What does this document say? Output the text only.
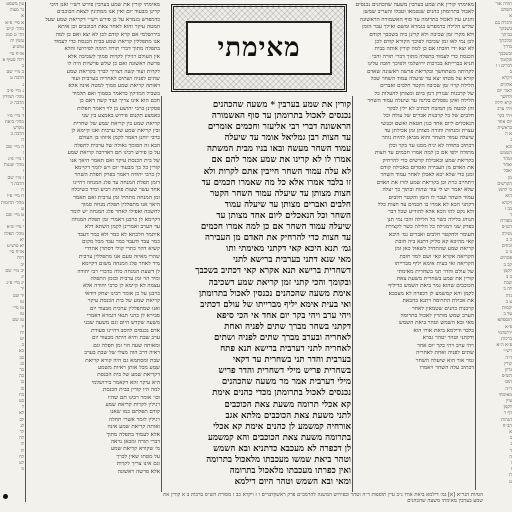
עין משפט
נר מצוה
א
א מיי׳ פ״א
מהל׳ ק״ש
הל׳ ט סמג
עשין יח
טוש״ע
או״ח סי׳
רלה סעיף א
ב
ב מיי׳ שם
הלכה ט
ג
ג מיי׳ פ״ב
מהל׳ תמידין
הלכה יג
ד
ד מיי׳ פ״ו
מהל׳ ביאת
מקדש
הלכה ב
ה
ה מיי׳ שם
ו
ו מיי׳ פ״ג
מהל׳ שגגות
ז
ז מיי׳ שם
הלכה ד
ח
ח מיי׳ פ״ז
מהל׳ תרומות
ט
ט מיי׳ שם
י
י מיי׳ פ״א
מהל׳ תפלה
יא
יא טוש״ע
או״ח סי׳
רלה
יב
יב מיי׳ שם
יג
יג מיי׳ פ״ג
יד
יד שם
טו
טו מיי׳
טז
טז שם
יז
יח
יט
כ
כא
כב
כג
כד
כה
כו
כז
כח
כט
ל
לא
לב
לג
לד
לה
לו
לז
לח
לט
מ
מאימתי קורין את שמע בערבין פירש רש״י ואנן היכי
קרינן מבעוד יום ואין אנו ממתינין לצאת הכוכבים
כדמפרש בגמרא על כן פירש רש״י דקריאת שמע שעל
המטה עיקר והוא לאחר צאת הכוכבים וכן איתא
בירושלמי אם קרא קודם לכן לא יצא ואם כן למה
אנו מתפללין קריאת שמע בבית הכנסת כדי לעמוד
בתפלה מתוך דברי תורה תימה לפירושו והלא
אין העולם רגילין לקרות סמוך לשכיבה אלא
פרשה ראשונה ואם כן שלש פרשיות היה לו
לקרות ועוד קשה דצריך לברך בקריאת שמע
שתים לפניה ושתים לאחריה בערבית ועוד
דאותה קריאת שמע סמוך למטה אינה אלא
בשביל המזיקין כדאמר בסמוך ואם תלמיד
חכם הוא אינו צריך ועוד קשה דאם כן
פסקינן כרבי יהושע בן לוי דאמר תפלות
באמצע תקנום פירוש באמצע בין שני
קריאת שמע בין קריאת שמע של שחרית
ובין קריאת שמע של ערבית ואנו קיימא לן
כרבי יוחנן דאמר לקמן איזהו בן העולם
הבא זה הסומך גאולה של ערבית לתפלה
על כן פירש רבינו תם דאדרבה קריאת שמע
של בית הכנסת עיקר ואם תאמר היאך אנו
קורין כל כך מבעוד יום ויש לומר דקיימא
לן כרבי יהודה דאמר בפרק תפלת השחר
דזמן תפלת המנחה עד פלג המנחה דהיינו
אחד עשר שעות פחות רביע ומיד כשיכלה
זמן המנחה מתחיל זמן ערבית ואם תאמר
היאך אנו מתפללין תפלת מנחה סמוך
לחשכה ואפילו לאחר פלג המנחה יש לומר
דקיימא לן כרבנן דאמרי זמן תפלת המנחה
עד הערב ואמרינן לקמן השתא דלא
איתמר הלכתא לא כמר ולא כמר דעבד
כמר עבד ודעבד כמר עבד מכל מקום
קשיא דהוי כתרי קולי דסתרן אהדדי
שהרי מאיזה טעם אנו מתפללין ערבית
מיד לאחר פלג המנחה משום דקיימא
לן דשעת המנחה כלה כדברי רבי יהודה
ומיד הוי זמן ערבית ובזמן התפלה
עצמה לא קיימא לן כרבי יהודה אלא
כרבנן על כן אומר רבינו יצחק דודאי
קריאת שמע של בית הכנסת עיקר
ואנו שמתפללין ערבית מבעוד יום
סבירא לן כהני תנאי דגמרא דאמרי
משעה שקדש היום וגם משעה שבני
אדם נכנסים להסב דהיינו סעודת
ערב שבת והיא היתה מבעוד יום
ומאותה שעה הוי זמן תפלה וגם
ראיה דרב הוה מצלי של שבת בערב
שבת ומסתמא גם היה קורא קריאת
שמע מכל אותן ראיות משמע
דקריאת שמע של בית הכנסת
היא עיקר והא דקאמר בירושלמי
למה היו קורין בבית הכנסת
וכו׳ אומר רבינו תם שהיו
רגילין לקרות קריאת שמע
קודם תפלתם כמו שאנו
רגילין לומר אשרי תחלה
ואותה קריאת שמע אינה
אלא לעמוד בתפלה מתוך
דברי תורה ומכאן נראה
מי שקורא קריאת שמע
על מטתו שאין לברך
וגם אינו צריך לקרות
אלא פרשה ראשונה
מאימתי
קורין את שמע בערבין * משעה שהכהנים
נכנסים לאכול בתרומתן עד סוף האשמורה
הראשונה דברי רבי אליעזר וחכמים אומרים
עד חצות רבן גמליאל אומר עד שיעלה
עמוד השחר מעשה ובאו בניו מבית המשתה
אמרו לו לא קרינו את שמע אמר להם אם
לא עלה עמוד השחר חייבין אתם לקרות ולא
זו בלבד אמרו אלא כל מה שאמרו חכמים עד
חצות מצותן עד שיעלה עמוד השחר הקטר
חלבים ואברים מצותן עד שיעלה עמוד
השחר וכל הנאכלים ליום אחד מצותן עד
שיעלה עמוד השחר אם כן למה אמרו חכמים
עד חצות כדי להרחיק את האדם מן העבירה
גמ׳ תנא היכא קאי דקתני מאימתי ותו
מאי שנא דתני בערבית ברישא לתני
דשחרית ברישא תנא אקרא קאי דכתיב בשכבך
ובקומך והכי קתני זמן קריאת שמע דשכיבה
אימת משעה שהכהנים נכנסין לאכול בתרומתן
ואי בעית אימא יליף מברייתו של עולם דכתיב
ויהי ערב ויהי בקר יום אחד אי הכי סיפא
דקתני בשחר מברך שתים לפניה ואחת
לאחריה ובערב מברך שתים לפניה ושתים
לאחריה לתני דערבית ברישא תנא פתח
בערבית והדר תני בשחרית עד דקאי
בשחרית פריש מילי דשחרית והדר פריש
מילי דערבית אמר מר משעה שהכהנים
נכנסים לאכול בתרומתן מכדי כהנים אימת
קא אכלי תרומה משעת צאת הכוכבים
לתני משעת צאת הכוכבים מלתא אגב
אורחיה קמשמע לן כהנים אימת קא אכלי
בתרומה משעת צאת הכוכבים והא קמשמע
לן דכפרה לא מעכבא כדתניא ובא השמש
וטהר ביאת שמשו מעכבתו מלאכול בתרומה
ואין כפרתו מעכבתו מלאכול בתרומה
ומאי ובא השמש וטהר היום דילמא
מאימתי קורין את שמע בערבין משעה שהכהנים נכנסים
לאכול בתרומתן כהנים שנטמאו וטבלו והעריב שמשן
והגיע עת לאכול בתרומה עד סוף האשמורה הראשונה
שליש הלילה כדמפרש בגמרא ומשם ואילך עבר הזמן
ולא מקרי זמן שכיבה ולא קרינן ביה בשכבך וקודם
לכן נמי לאו זמן שכיבה לפיכך הקורא קודם לכן
לא יצא ידי חובתו אם כן למה קורין אותה בבית
הכנסת כדי לעמוד בתפלה מתוך דברי תורה והכי
תניא בברייתא בברכות ירושלמי ולפיכך חובה עלינו
לקרותה משתחשך ובקריאת פרשה ראשונה שאדם
קורא על מטתו יצא עד שיעלה עמוד השחר שכל
הלילה קרוי זמן שכיבה הקטר חלבים ואברים
של קרבנות שנזרק דמן ביום ומצותן להעלות כל
הלילה ואינן נפסלים בלינה עד שיעלה עמוד השחר
והן למטה מן המזבח דכתיב לא ילין לבקר
חלבים של כל קרבנות אברים של עולה וכל
הנאכלים ליום אחד כגון חטאת ואשם וכבשי
עצרת ומנחות ותודה מצותן זמן אכילתן עד
שיעלה עמוד השחר והוא מביאן להיות נותר
דכתיב בתודה לא יניח ממנו עד בקר וכלן
מתודה ילפי אם כן למה אמרו חכמים עד חצות
בקריאת שמע ובאכילת קדשים כדי להרחיק
את האדם מן העבירה ואסרום באכילה קודם
זמנן כדי שלא יבא לאכלן לאחר עמוד השחר
ויתחייב כרת וכן בקריאת שמע לזרז את האדם
שלא יאמר יש לי עוד שהות ובתוך כך יעלה
עמוד השחר ועבר לו הזמן והקטר חלבים
דקתני הכא לא אמרו בו חכמים עד חצות כלל
ולא נקט להו הכא אלא להודיע שכל דבר
הנוהג בלילה כשר כל הלילה והכי נמי תנן
בפרק שני דמגילה כל הלילה כשר לקצירת
העומר ולהקטר חלבים ואברים גמ׳ היכא
קאי מהיכא קא סליק דתנא ביה חובת
קריאת שמע שהתחיל לשאול כאן זמן
הקריאה אקרא קאי ושם למד חובת
הקריאה ואי בעית אימא יליף מברייתו
של עולם והדר תני בשחרית מאימתי
קורין את שמע בשחרית משעת צאת
הכוכבים שהוא גמר ביאת השמש כדיליף
לקמן והא קמשמע לן דכפרה לא מעכבא
את אכילת התרומה דתנא בהבאת
קרבנות כהנים שטמאין לאחר
הערב שמש מותרין לאכול בתרומה
מאי ובא השמש וטהר ביאת השמש
בלבד ודילמא ביאת אורו הוא
ודקתני וטהר יטהר גברא
ויהי ערב ויהי בקר יום אחד
שתים לפניה ואחת לאחריה
גמר אור הוא שיעלה השחר
דכתיב עלה השחר ויאמרו
תורה אור
השלם
א
ודברת בם
בשבתך
בביתך
ובלכתך
בדרך
ובשכבך
ובקומך
דברים ו ז
ב
ויקרא
אלהים
לאור יום
ולחשך
קרא לילה
ויהי ערב
ויהי בקר
יום אחד
בראשית
א ה
ג
ובא
השמש
וטהר
ואחר
יאכל
מן
הקדשים
כי לחמו
הוא
ויקרא
כב ז
ד
מסורת
הש״ס
מגילה
כ ב
זבחים
נו ב
פסחים
קכ ב
לקמן
ב ב
שבת
לה ב
נדה
ע ב
יבמות
עד ב
תוספתא
פ״א
ירושלמי
ברכות
פ״א ה״א
רש״י
ד״ה
קורין
גליון
הש״ס
תוס׳
ד״ה
מאימתי
עיין
לקמן
דף ד
הגהות
הב״ח
א
ב
ג
ד
ה
ו
ז
ח
ט
הגהות הגר״א [א] גמ׳ דילמא ביאת אורו נ״ב עיין תוספות ד״ה וטהר ובפירוש המשנה להרמב״ם פרק ראשוןדברים ו ז ויקרא כב ז מסורת הש״ס ברכות ב א קורין את שמע בערבין מאימתי משעה שהכהנים
